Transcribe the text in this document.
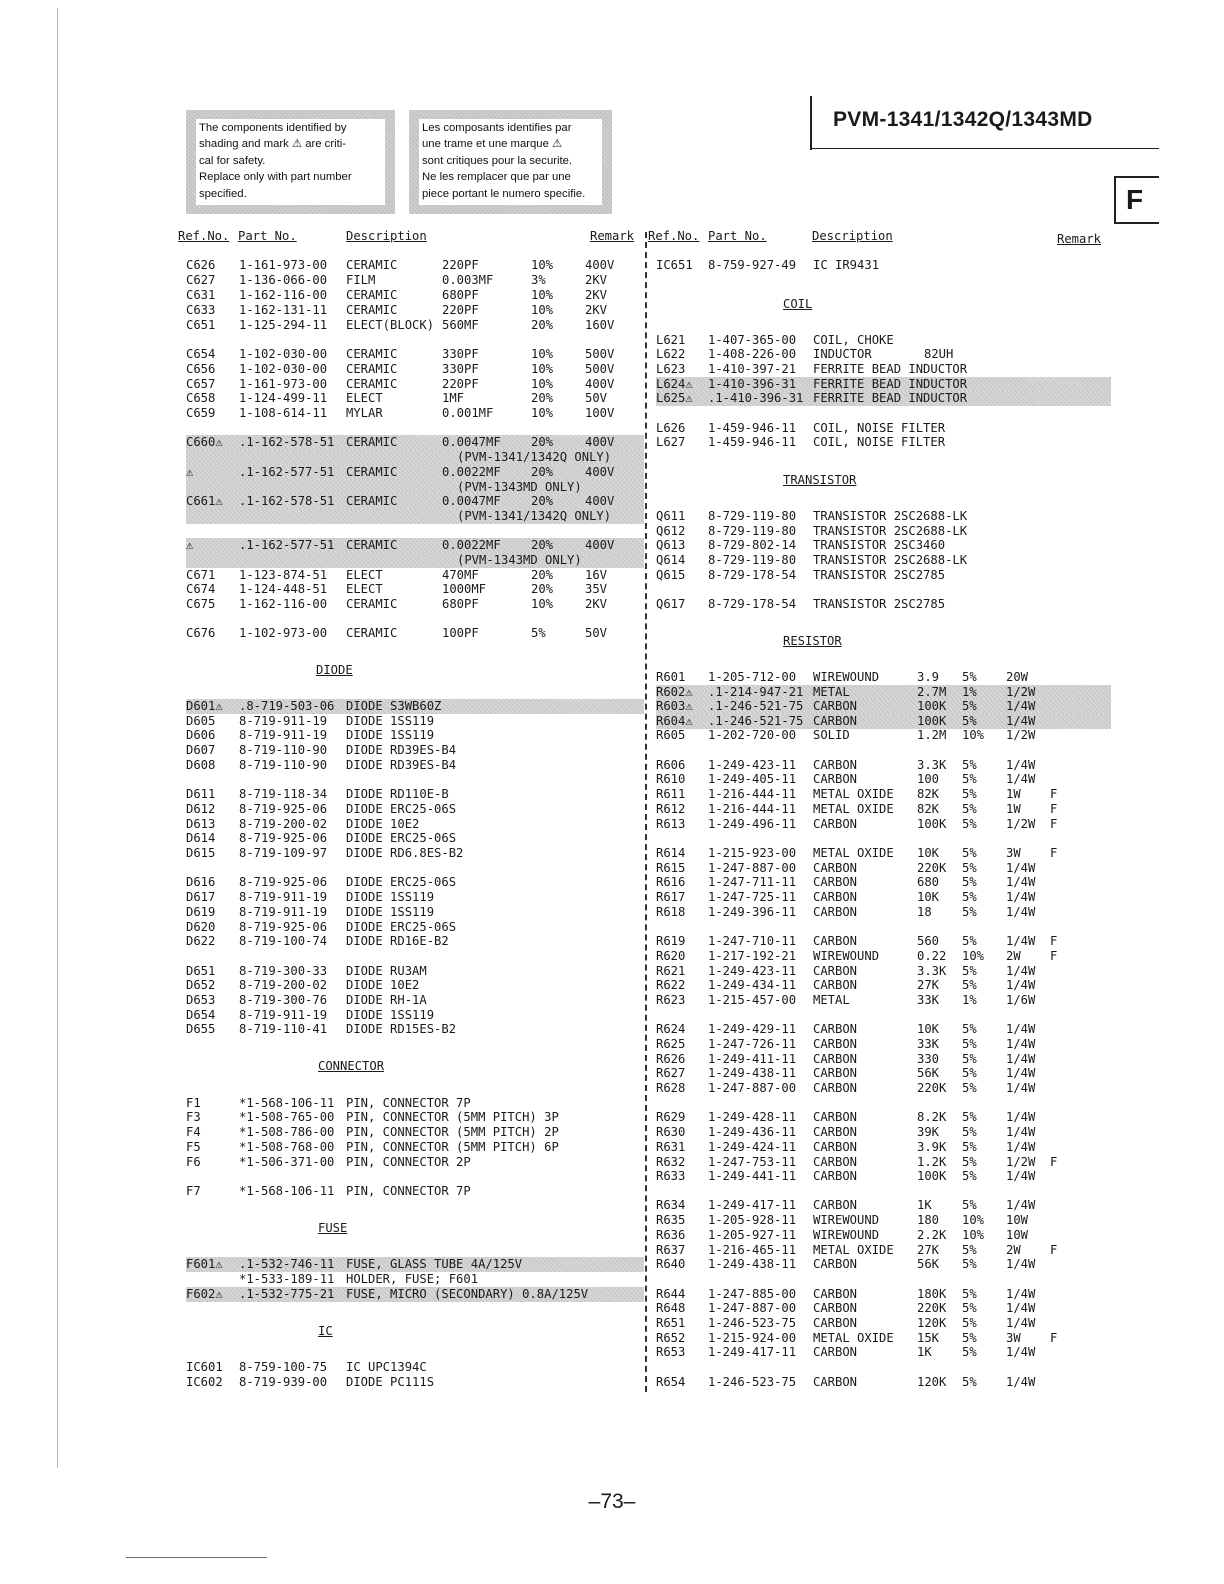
The components identified by
shading and mark ⚠ are criti-
cal for safety.
Replace only with part number
specified.
Les composants identifies par
une trame et une marque ⚠
sont critiques pour la securite.
Ne les remplacer que par une
piece portant le numero specifie.
PVM-1341/1342Q/1343MD
F
Ref.No. Part No.	Description	Remark Ref.No. Part No.	Description	Remark
C626 1-161-973-00 CERAMIC	220PF	10%	400V
C627 1-136-066-00 FILM	0.003MF	3%	2KV
C631 1-162-116-00 CERAMIC	680PF	10%	2KV
C633 1-162-131-11 CERAMIC	220PF	10%	2KV
C651 1-125-294-11 ELECT(BLOCK) 560MF	20%	160V
C654 1-102-030-00 CERAMIC	330PF	10%	500V
C656 1-102-030-00 CERAMIC	330PF	10%	500V
C657 1-161-973-00 CERAMIC	220PF	10%	400V
C658 1-124-499-11 ELECT	1MF	20%	50V
C659 1-108-614-11 MYLAR	0.001MF	10%	100V
C660⚠ .1-162-578-51 CERAMIC	0.0047MF 20%	400V
(PVM-1341/1342Q ONLY)
⚠	.1-162-577-51 CERAMIC	0.0022MF 20%	400V
(PVM-1343MD ONLY)
C661⚠ .1-162-578-51 CERAMIC	0.0047MF 20%	400V
(PVM-1341/1342Q ONLY)
⚠	.1-162-577-51 CERAMIC	0.0022MF 20%	400V
(PVM-1343MD ONLY)
C671 1-123-874-51 ELECT	470MF	20%	16V
C674 1-124-448-51 ELECT	1000MF	20%	35V
C675 1-162-116-00 CERAMIC	680PF	10%	2KV
C676 1-102-973-00 CERAMIC	100PF	5%	50V
D601⚠ .8-719-503-06 DIODE S3WB60Z
D605 8-719-911-19 DIODE 1SS119
D606 8-719-911-19 DIODE 1SS119
D607 8-719-110-90 DIODE RD39ES-B4
D608 8-719-110-90 DIODE RD39ES-B4
D611 8-719-118-34 DIODE RD110E-B
D612 8-719-925-06 DIODE ERC25-06S
D613 8-719-200-02 DIODE 10E2
D614 8-719-925-06 DIODE ERC25-06S
D615 8-719-109-97 DIODE RD6.8ES-B2
D616 8-719-925-06 DIODE ERC25-06S
D617 8-719-911-19 DIODE 1SS119
D619 8-719-911-19 DIODE 1SS119
D620 8-719-925-06 DIODE ERC25-06S
D622 8-719-100-74 DIODE RD16E-B2
D651 8-719-300-33 DIODE RU3AM
D652 8-719-200-02 DIODE 10E2
D653 8-719-300-76 DIODE RH-1A
D654 8-719-911-19 DIODE 1SS119
D655 8-719-110-41 DIODE RD15ES-B2
F1	*1-568-106-11 PIN, CONNECTOR 7P
F3	*1-508-765-00 PIN, CONNECTOR (5MM PITCH) 3P
F4	*1-508-786-00 PIN, CONNECTOR (5MM PITCH) 2P
F5	*1-508-768-00 PIN, CONNECTOR (5MM PITCH) 6P
F6	*1-506-371-00 PIN, CONNECTOR 2P
F7	*1-568-106-11 PIN, CONNECTOR 7P
F601⚠ .1-532-746-11 FUSE, GLASS TUBE 4A/125V
*1-533-189-11 HOLDER, FUSE; F601
F602⚠ .1-532-775-21 FUSE, MICRO (SECONDARY) 0.8A/125V
IC601 8-759-100-75 IC UPC1394C
IC602 8-719-939-00 DIODE PC111S
DIODE
CONNECTOR
FUSE
IC
IC651 8-759-927-49 IC IR9431
L621 1-407-365-00 COIL, CHOKE
L622 1-408-226-00 INDUCTOR	82UH
L623 1-410-397-21 FERRITE BEAD INDUCTOR
L624⚠ 1-410-396-31 FERRITE BEAD INDUCTOR
L625⚠ .1-410-396-31 FERRITE BEAD INDUCTOR
L626 1-459-946-11 COIL, NOISE FILTER
L627 1-459-946-11 COIL, NOISE FILTER
Q611 8-729-119-80 TRANSISTOR 2SC2688-LK
Q612 8-729-119-80 TRANSISTOR 2SC2688-LK
Q613 8-729-802-14 TRANSISTOR 2SC3460
Q614 8-729-119-80 TRANSISTOR 2SC2688-LK
Q615 8-729-178-54 TRANSISTOR 2SC2785
Q617 8-729-178-54 TRANSISTOR 2SC2785
R601 1-205-712-00 WIREWOUND	3.9 5% 20W
R602⚠ .1-214-947-21 METAL	2.7M 1% 1/2W
R603⚠ .1-246-521-75 CARBON	100K 5% 1/4W
R604⚠ .1-246-521-75 CARBON	100K 5% 1/4W
R605 1-202-720-00 SOLID	1.2M 10% 1/2W
R606 1-249-423-11 CARBON	3.3K 5% 1/4W
R610 1-249-405-11 CARBON	100 5% 1/4W
R611 1-216-444-11 METAL OXIDE 82K 5% 1W F
R612 1-216-444-11 METAL OXIDE 82K 5% 1W F
R613 1-249-496-11 CARBON	100K 5% 1/2W F
R614 1-215-923-00 METAL OXIDE 10K 5% 3W F
R615 1-247-887-00 CARBON	220K 5% 1/4W
R616 1-247-711-11 CARBON	680 5% 1/4W
R617 1-247-725-11 CARBON	10K 5% 1/4W
R618 1-249-396-11 CARBON	18 5% 1/4W
R619 1-247-710-11 CARBON	560 5% 1/4W F
R620 1-217-192-21 WIREWOUND	0.22 10% 2W F
R621 1-249-423-11 CARBON	3.3K 5% 1/4W
R622 1-249-434-11 CARBON	27K 5% 1/4W
R623 1-215-457-00 METAL	33K 1% 1/6W
R624 1-249-429-11 CARBON	10K 5% 1/4W
R625 1-247-726-11 CARBON	33K 5% 1/4W
R626 1-249-411-11 CARBON	330 5% 1/4W
R627 1-249-438-11 CARBON	56K 5% 1/4W
R628 1-247-887-00 CARBON	220K 5% 1/4W
R629 1-249-428-11 CARBON	8.2K 5% 1/4W
R630 1-249-436-11 CARBON	39K 5% 1/4W
R631 1-249-424-11 CARBON	3.9K 5% 1/4W
R632 1-247-753-11 CARBON	1.2K 5% 1/2W F
R633 1-249-441-11 CARBON	100K 5% 1/4W
R634 1-249-417-11 CARBON	1K 5% 1/4W
R635 1-205-928-11 WIREWOUND	180 10% 10W
R636 1-205-927-11 WIREWOUND	2.2K 10% 10W
R637 1-216-465-11 METAL OXIDE 27K 5% 2W F
R640 1-249-438-11 CARBON	56K 5% 1/4W
R644 1-247-885-00 CARBON	180K 5% 1/4W
R648 1-247-887-00 CARBON	220K 5% 1/4W
R651 1-246-523-75 CARBON	120K 5% 1/4W
R652 1-215-924-00 METAL OXIDE 15K 5% 3W F
R653 1-249-417-11 CARBON	1K 5% 1/4W
R654 1-246-523-75 CARBON	120K 5% 1/4W
COIL
TRANSISTOR
RESISTOR
–73–
